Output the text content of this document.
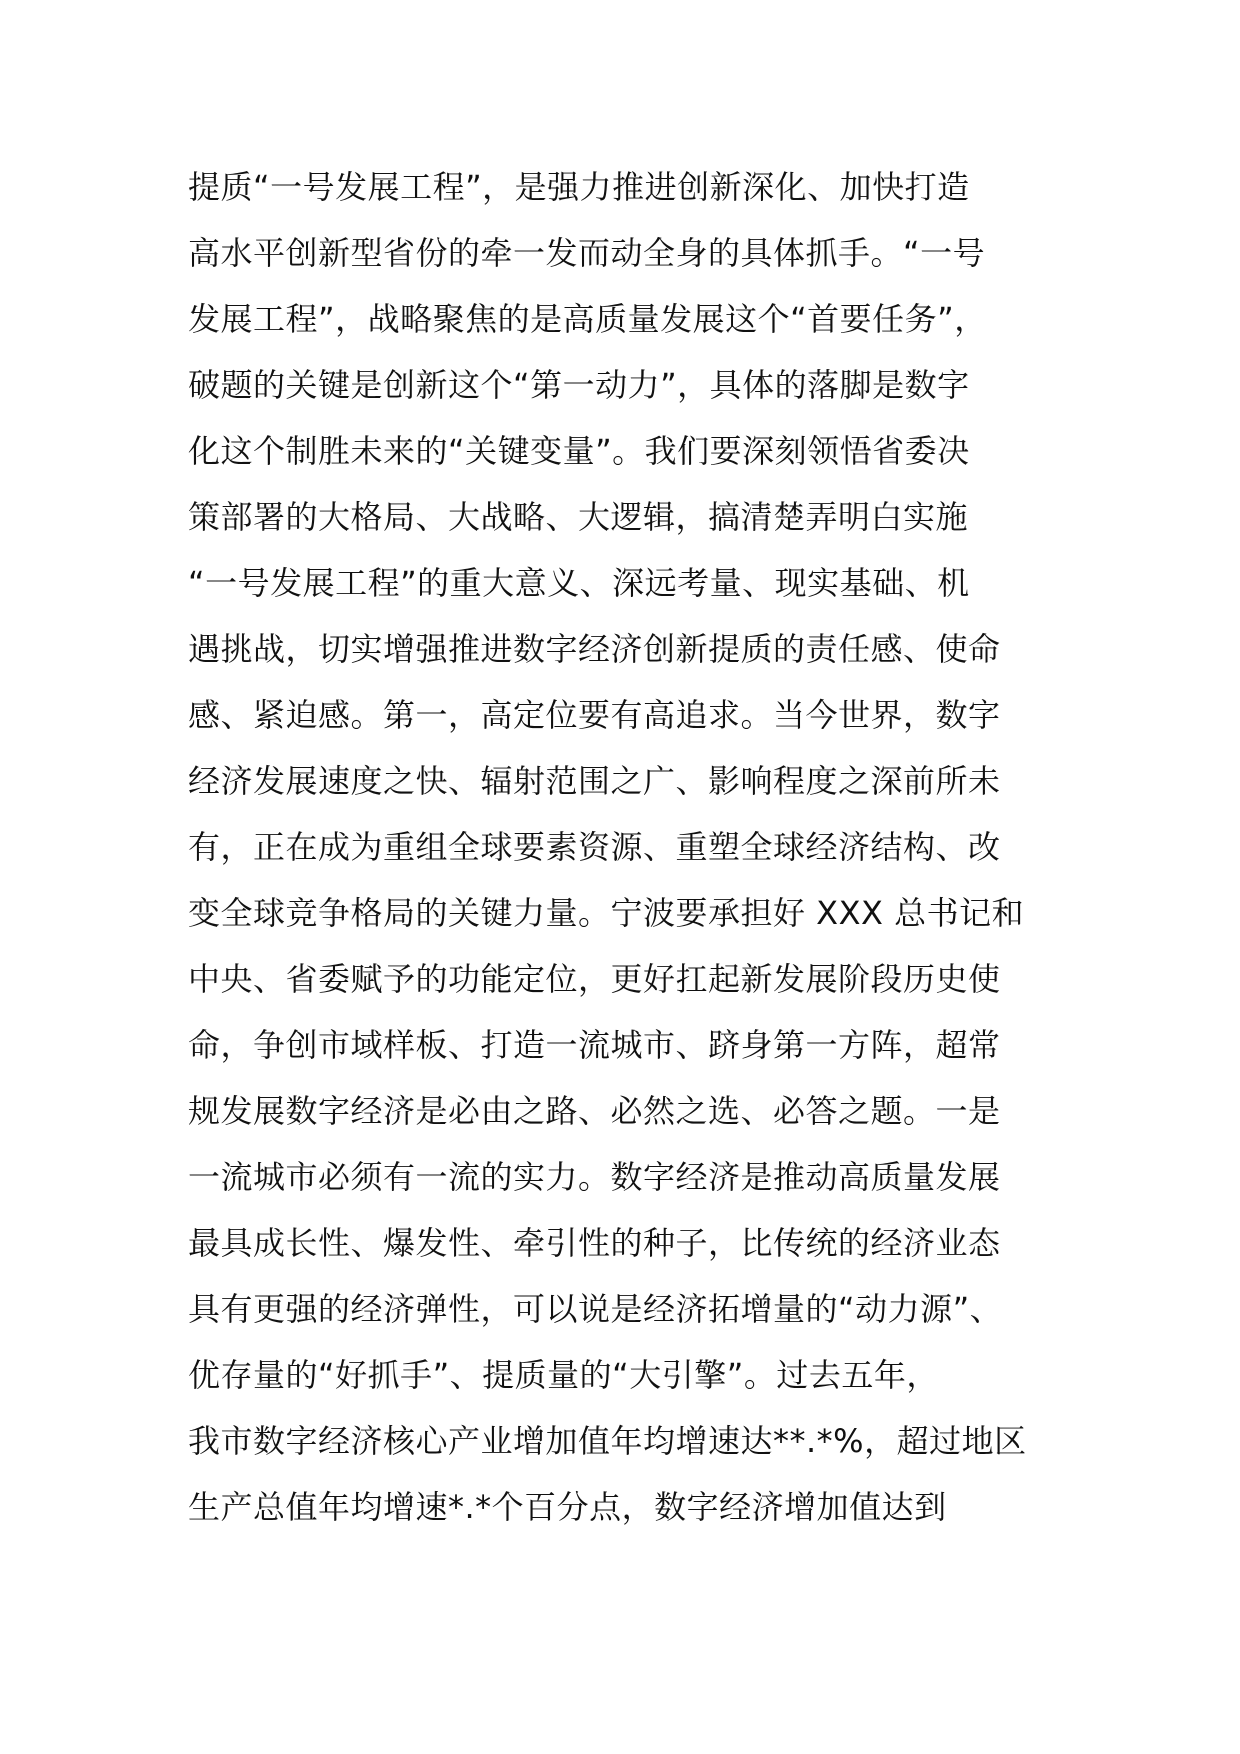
提质“一号发展工程”，是强力推进创新深化、加快打造
高水平创新型省份的牵一发而动全身的具体抓手。“一号
发展工程”，战略聚焦的是高质量发展这个“首要任务”，
破题的关键是创新这个“第一动力”，具体的落脚是数字
化这个制胜未来的“关键变量”。我们要深刻领悟省委决
策部署的大格局、大战略、大逻辑，搞清楚弄明白实施
“一号发展工程”的重大意义、深远考量、现实基础、机
遇挑战，切实增强推进数字经济创新提质的责任感、使命
感、紧迫感。第一，高定位要有高追求。当今世界，数字
经济发展速度之快、辐射范围之广、影响程度之深前所未
有，正在成为重组全球要素资源、重塑全球经济结构、改
变全球竞争格局的关键力量。宁波要承担好 XXX 总书记和
中央、省委赋予的功能定位，更好扛起新发展阶段历史使
命，争创市域样板、打造一流城市、跻身第一方阵，超常
规发展数字经济是必由之路、必然之选、必答之题。一是
一流城市必须有一流的实力。数字经济是推动高质量发展
最具成长性、爆发性、牵引性的种子，比传统的经济业态
具有更强的经济弹性，可以说是经济拓增量的“动力源”、
优存量的“好抓手”、提质量的“大引擎”。过去五年，
我市数字经济核心产业增加值年均增速达**.*%，超过地区
生产总值年均增速*.*个百分点，数字经济增加值达到
